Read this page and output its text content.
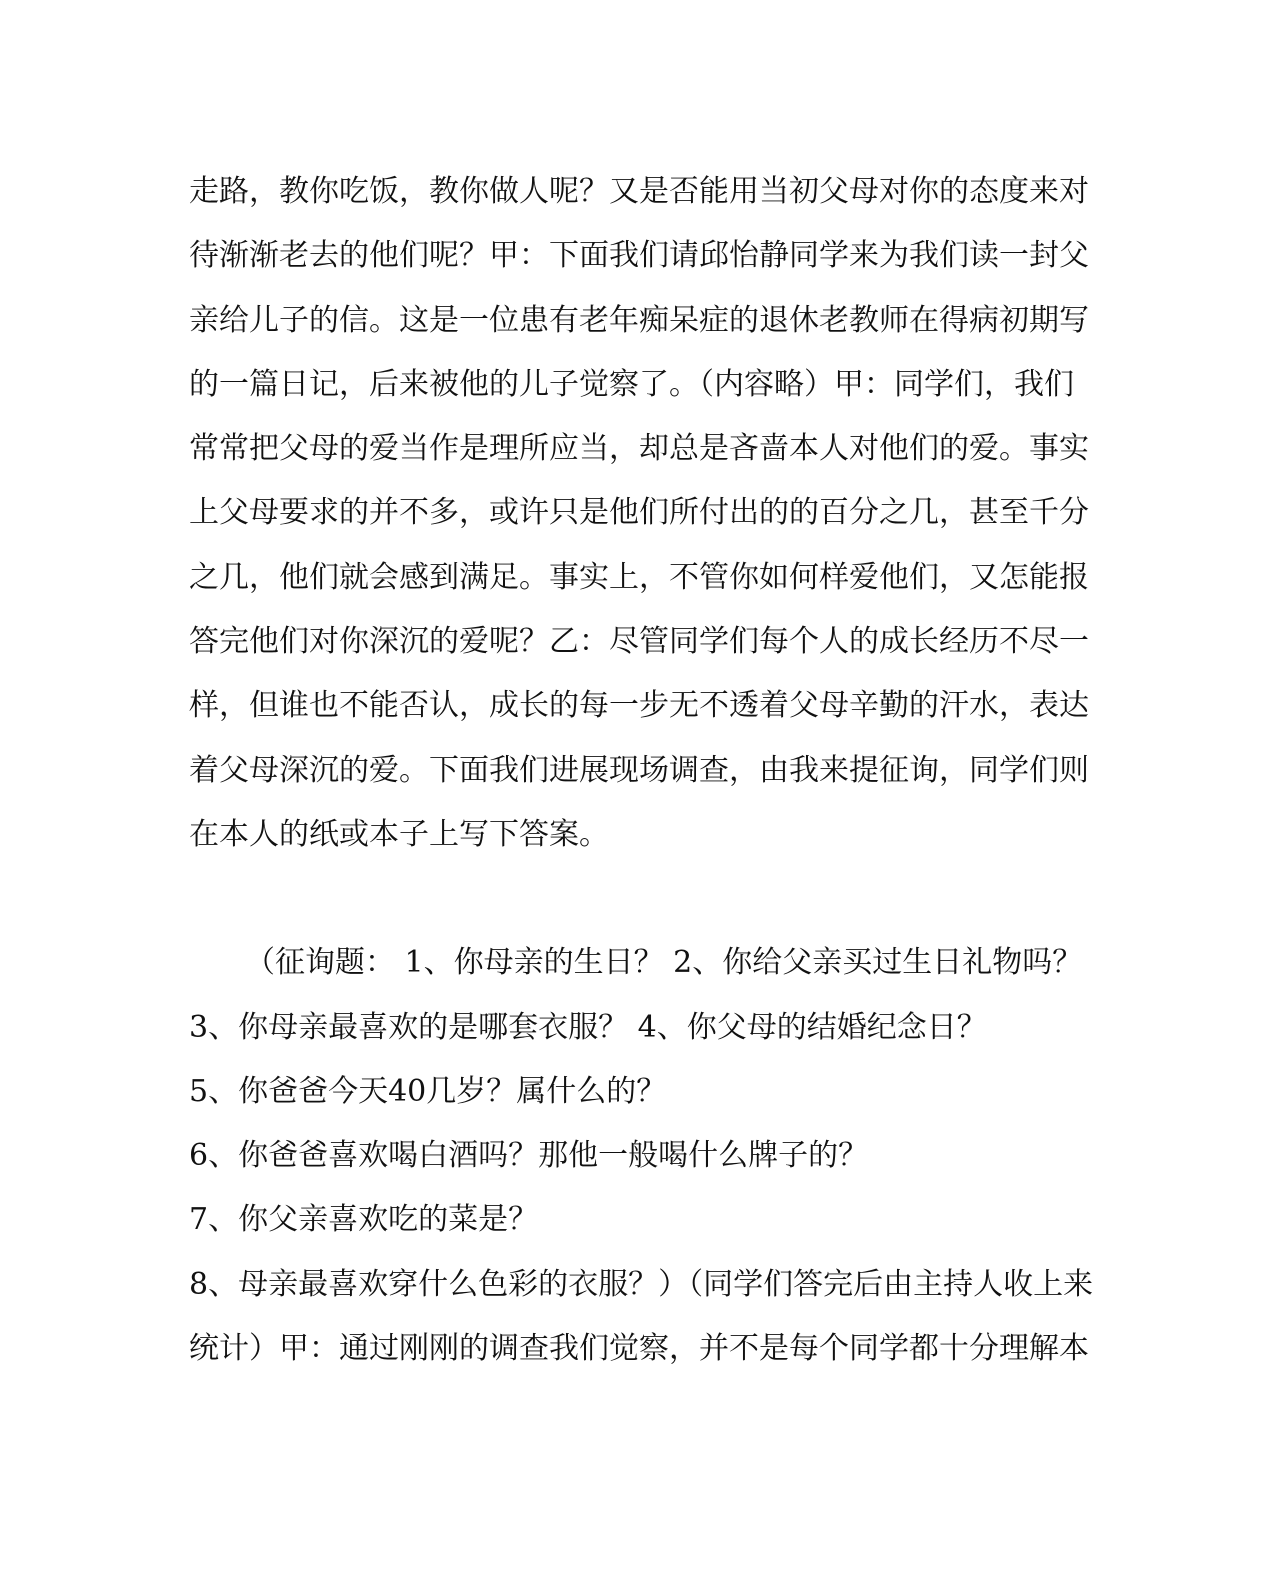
走路，教你吃饭，教你做人呢？又是否能用当初父母对你的态度来对
待渐渐老去的他们呢？甲：下面我们请邱怡静同学来为我们读一封父
亲给儿子的信。这是一位患有老年痴呆症的退休老教师在得病初期写
的一篇日记，后来被他的儿子觉察了。（内容略）甲：同学们，我们
常常把父母的爱当作是理所应当，却总是吝啬本人对他们的爱。事实
上父母要求的并不多，或许只是他们所付出的的百分之几，甚至千分
之几，他们就会感到满足。事实上，不管你如何样爱他们，又怎能报
答完他们对你深沉的爱呢？乙：尽管同学们每个人的成长经历不尽一
样，但谁也不能否认，成长的每一步无不透着父母辛勤的汗水，表达
着父母深沉的爱。下面我们进展现场调查，由我来提征询，同学们则
在本人的纸或本子上写下答案。
（征询题： 1、你母亲的生日？ 2、你给父亲买过生日礼物吗？
3、你母亲最喜欢的是哪套衣服？ 4、你父母的结婚纪念日？
5、你爸爸今天40几岁？属什么的？
6、你爸爸喜欢喝白酒吗？那他一般喝什么牌子的？
7、你父亲喜欢吃的菜是？
8、母亲最喜欢穿什么色彩的衣服？）（同学们答完后由主持人收上来
统计）甲：通过刚刚的调查我们觉察，并不是每个同学都十分理解本
